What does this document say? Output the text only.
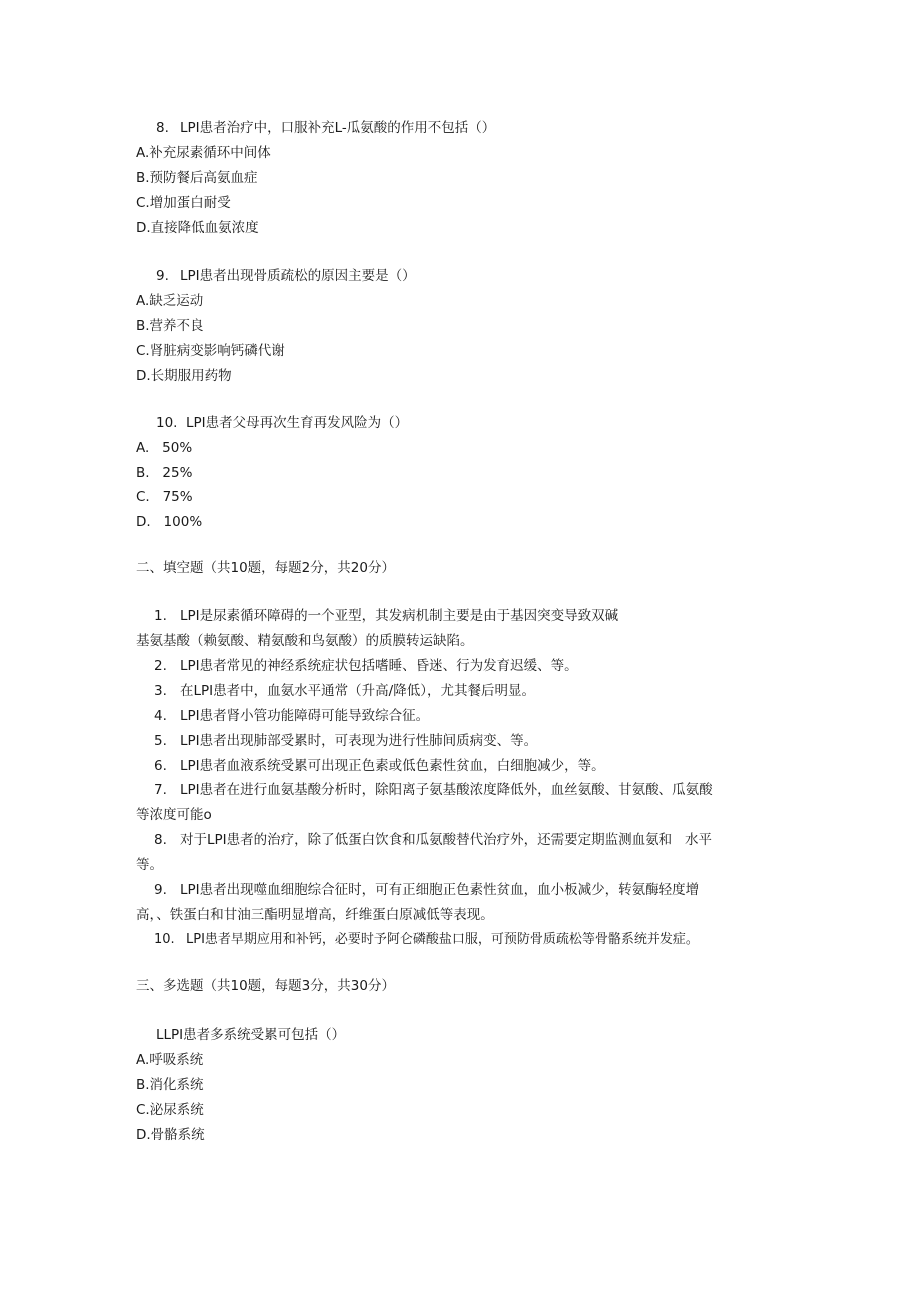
8. LPI患者治疗中，口服补充L-瓜氨酸的作用不包括（）
A.补充尿素循环中间体
B.预防餐后高氨血症
C.增加蛋白耐受
D.直接降低血氨浓度
9. LPI患者出现骨质疏松的原因主要是（）
A.缺乏运动
B.营养不良
C.肾脏病变影响钙磷代谢
D.长期服用药物
10. LPI患者父母再次生育再发风险为（）
A.   50%
B.   25%
C.   75%
D.   100%
二、填空题（共10题，每题2分，共20分）
1. LPI是尿素循环障碍的一个亚型，其发病机制主要是由于基因突变导致双碱
基氨基酸（赖氨酸、精氨酸和鸟氨酸）的质膜转运缺陷。
2. LPI患者常见的神经系统症状包括嗜睡、昏迷、行为发育迟缓、等。
3. 在LPI患者中，血氨水平通常（升高/降低），尤其餐后明显。
4. LPI患者肾小管功能障碍可能导致综合征。
5. LPI患者出现肺部受累时，可表现为进行性肺间质病变、等。
6. LPI患者血液系统受累可出现正色素或低色素性贫血，白细胞减少，等。
7. LPI患者在进行血氨基酸分析时，除阳离子氨基酸浓度降低外，血丝氨酸、甘氨酸、瓜氨酸
等浓度可能o
8. 对于LPI患者的治疗，除了低蛋白饮食和瓜氨酸替代治疗外，还需要定期监测血氨和   水平
等。
9. LPI患者出现噬血细胞综合征时，可有正细胞正色素性贫血，血小板减少，转氨酶轻度增
高，、铁蛋白和甘油三酯明显增高，纤维蛋白原减低等表现。
10. LPI患者早期应用和补钙，必要时予阿仑磷酸盐口服，可预防骨质疏松等骨骼系统并发症。
三、多选题（共10题，每题3分，共30分）
LLPI患者多系统受累可包括（）
A.呼吸系统
B.消化系统
C.泌尿系统
D.骨骼系统
